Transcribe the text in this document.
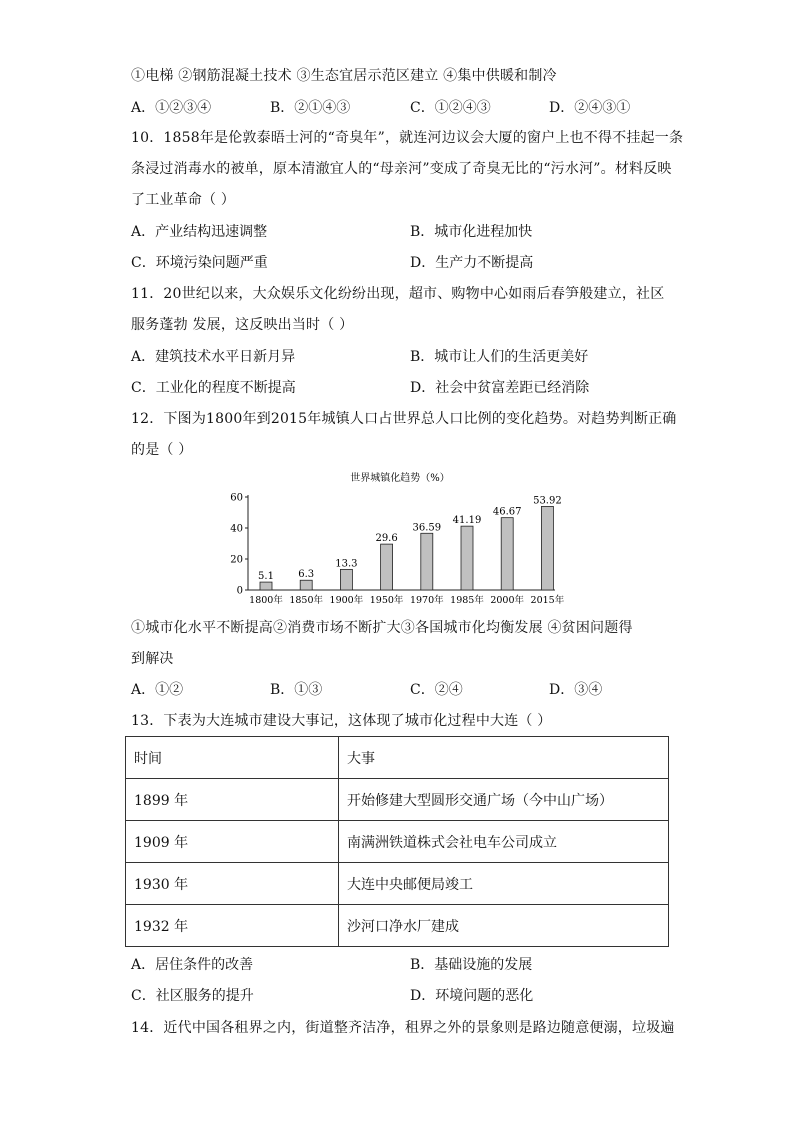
①电梯 ②钢筋混凝土技术 ③生态宜居示范区建立 ④集中供暖和制冷
A．①②③④	B．②①④③	C．①②④③	D．②④③①
10．1858年是伦敦泰晤士河的“奇臭年”，就连河边议会大厦的窗户上也不得不挂起一条
条浸过消毒水的被单，原本清澈宜人的“母亲河”变成了奇臭无比的“污水河”。材料反映
了工业革命（ ）
A．产业结构迅速调整	B．城市化进程加快
C．环境污染问题严重	D．生产力不断提高
11．20世纪以来，大众娱乐文化纷纷出现，超市、购物中心如雨后春笋般建立，社区
服务蓬勃 发展，这反映出当时（ ）
A．建筑技术水平日新月异	B．城市让人们的生活更美好
C．工业化的程度不断提高	D．社会中贫富差距已经消除
12．下图为1800年到2015年城镇人口占世界总人口比例的变化趋势。对趋势判断正确
的是（ ）
世界城镇化趋势（%）
0
20
40
60
5.1
1800年
6.3
1850年
13.3
1900年
29.6
1950年
36.59
1970年
41.19
1985年
46.67
2000年
53.92
2015年
①城市化水平不断提高②消费市场不断扩大③各国城市化均衡发展 ④贫困问题得
到解决
A．①②	B．①③	C．②④	D．③④
13．下表为大连城市建设大事记，这体现了城市化过程中大连（ ）
时间	大事
1899 年	开始修建大型圆形交通广场（今中山广场）
1909 年	南满洲铁道株式会社电车公司成立
1930 年	大连中央邮便局竣工
1932 年	沙河口净水厂建成
A．居住条件的改善	B．基础设施的发展
C．社区服务的提升	D．环境问题的恶化
14．近代中国各租界之内，街道整齐洁净，租界之外的景象则是路边随意便溺，垃圾遍
